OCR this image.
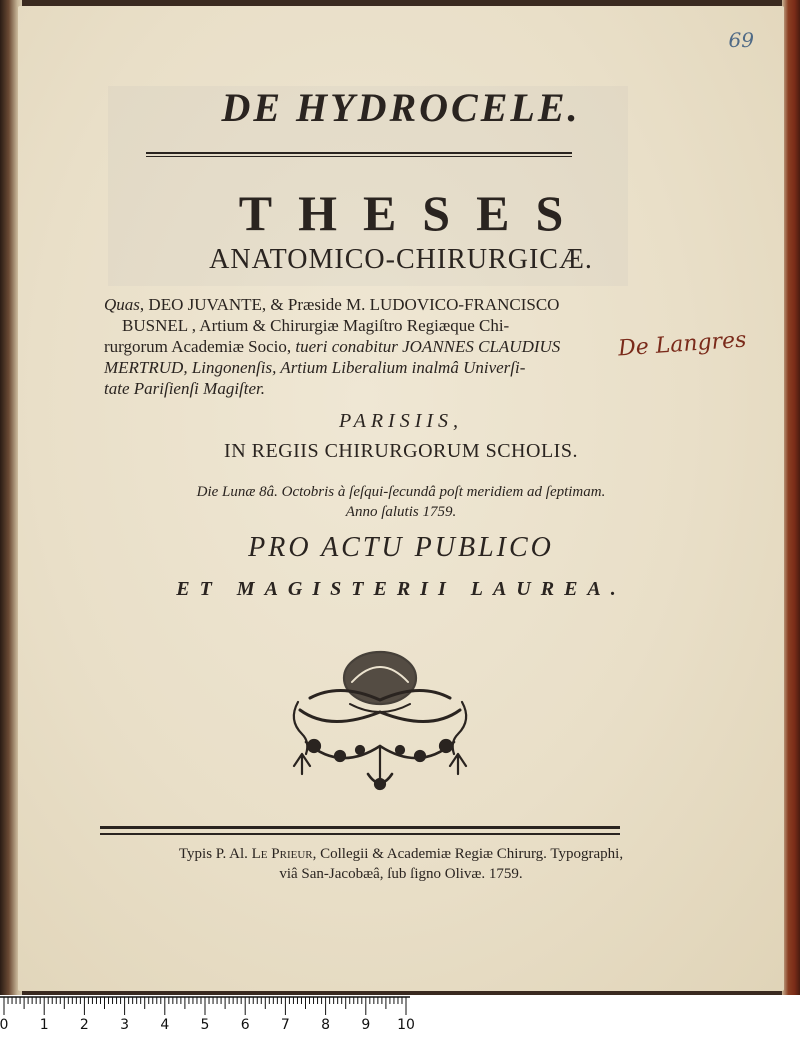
69
DE HYDROCELE.
THESES
ANATOMICO-CHIRURGICÆ.
Quas, DEO JUVANTE, & Præside M. LUDOVICO-FRANCISCO
BUSNEL , Artium & Chirurgiæ Magiſtro Regiæque Chi-
rurgorum Academiæ Socio, tueri conabitur JOANNES CLAUDIUS
MERTRUD, Lingonenſis, Artium Liberalium inalmâ Univerſi-
tate Pariſienſi Magiſter.
De Langres
PARISIIS,
IN REGIIS CHIRURGORUM SCHOLIS.
Die Lunæ 8â. Octobris à ſeſqui-ſecundâ poſt meridiem ad ſeptimam.
Anno ſalutis 1759.
PRO ACTU PUBLICO
ET MAGISTERII LAUREA.
Typis P. Al. Le Prieur, Collegii & Academiæ Regiæ Chirurg. Typographi,
viâ San-Jacobæâ, ſub ſigno Olivæ. 1759.
0	1	2	3	4	5	6	7	8	9	10
